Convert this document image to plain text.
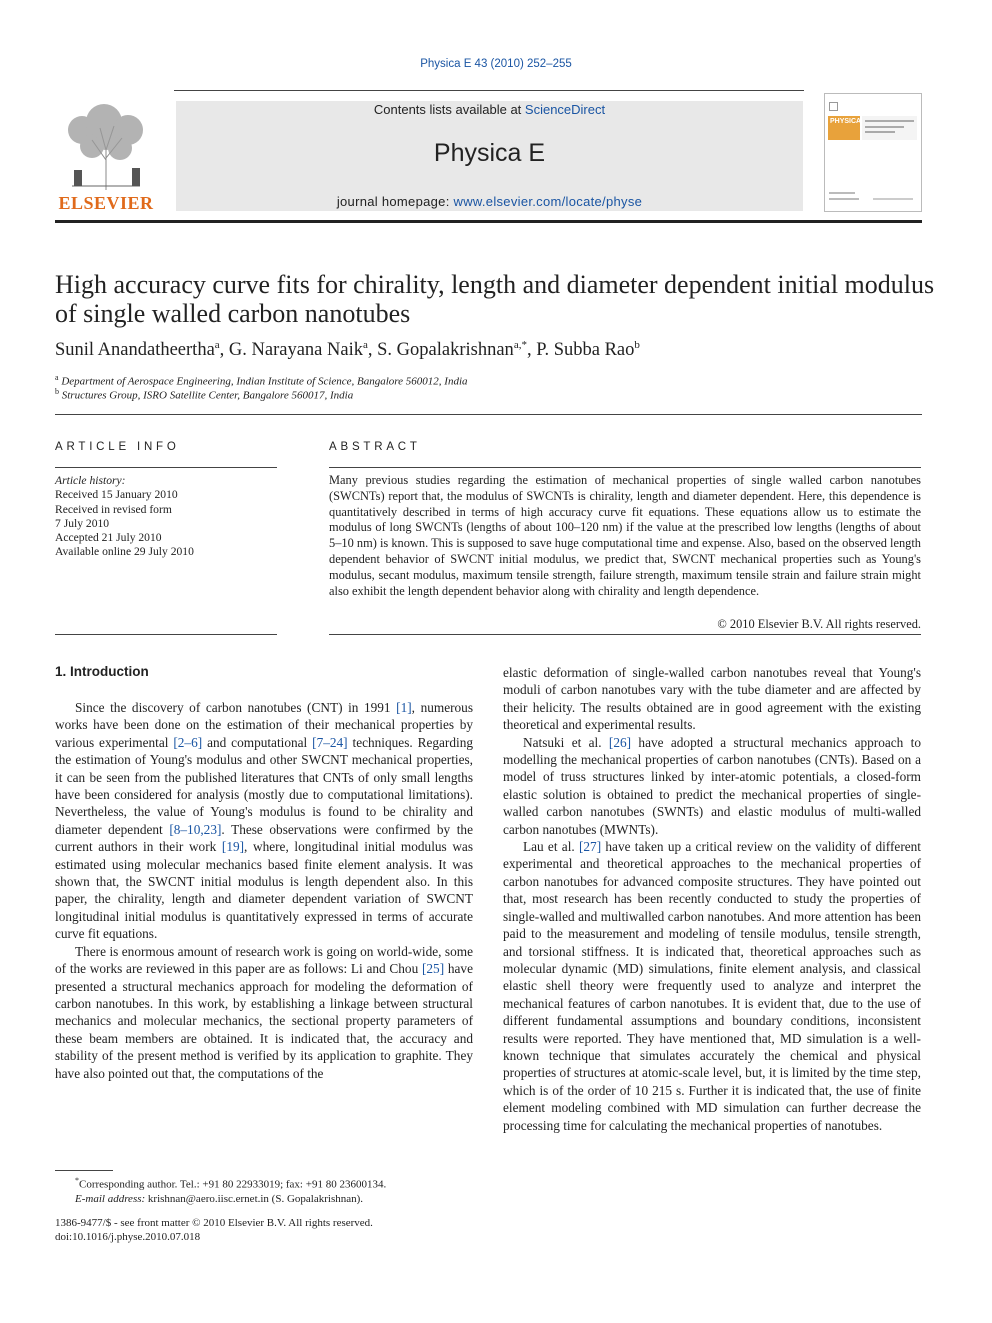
Physica E 43 (2010) 252–255
ELSEVIER
Contents lists available at ScienceDirect
Physica E
journal homepage: www.elsevier.com/locate/physe
PHYSICA
High accuracy curve fits for chirality, length and diameter dependent initial modulus of single walled carbon nanotubes
Sunil Anandatheertha$^a$, G. Narayana Naik$^a$, S. Gopalakrishnan$^{a,*}$, P. Subba Rao$^b$
$^a$ Department of Aerospace Engineering, Indian Institute of Science, Bangalore 560012, India
$^b$ Structures Group, ISRO Satellite Center, Bangalore 560017, India
ARTICLE INFO	ABSTRACT
Article history:
Received 15 January 2010
Received in revised form
7 July 2010
Accepted 21 July 2010
Available online 29 July 2010
Many previous studies regarding the estimation of mechanical properties of single walled carbon nanotubes (SWCNTs) report that, the modulus of SWCNTs is chirality, length and diameter dependent. Here, this dependence is quantitatively described in terms of high accuracy curve fit equations. These equations allow us to estimate the modulus of long SWCNTs (lengths of about 100–120 nm) if the value at the prescribed low lengths (lengths of about 5–10 nm) is known. This is supposed to save huge computational time and expense. Also, based on the observed length dependent behavior of SWCNT initial modulus, we predict that, SWCNT mechanical properties such as Young's modulus, secant modulus, maximum tensile strength, failure strength, maximum tensile strain and failure strain might also exhibit the length dependent behavior along with chirality and length dependence.
© 2010 Elsevier B.V. All rights reserved.
1. Introduction

Since the discovery of carbon nanotubes (CNT) in 1991 [1], numerous works have been done on the estimation of their mechanical properties by various experimental [2–6] and computational [7–24] techniques. Regarding the estimation of Young's modulus and other SWCNT mechanical properties, it can be seen from the published literatures that CNTs of only small lengths have been considered for analysis (mostly due to computational limitations). Nevertheless, the value of Young's modulus is found to be chirality and diameter dependent [8–10,23]. These observations were confirmed by the current authors in their work [19], where, longitudinal initial modulus was estimated using molecular mechanics based finite element analysis. It was shown that, the SWCNT initial modulus is length dependent also. In this paper, the chirality, length and diameter dependent variation of SWCNT longitudinal initial modulus is quantitatively expressed in terms of accurate curve fit equations.

There is enormous amount of research work is going on world-wide, some of the works are reviewed in this paper are as follows: Li and Chou [25] have presented a structural mechanics approach for modeling the deformation of carbon nanotubes. In this work, by establishing a linkage between structural mechanics and molecular mechanics, the sectional property parameters of these beam members are obtained. It is indicated that, the accuracy and stability of the present method is verified by its application to graphite. They have also pointed out that, the computations of the

elastic deformation of single-walled carbon nanotubes reveal that Young's moduli of carbon nanotubes vary with the tube diameter and are affected by their helicity. The results obtained are in good agreement with the existing theoretical and experimental results.

Natsuki et al. [26] have adopted a structural mechanics approach to modelling the mechanical properties of carbon nanotubes (CNTs). Based on a model of truss structures linked by inter-atomic potentials, a closed-form elastic solution is obtained to predict the mechanical properties of single-walled carbon nanotubes (SWNTs) and elastic modulus of multi-walled carbon nanotubes (MWNTs).

Lau et al. [27] have taken up a critical review on the validity of different experimental and theoretical approaches to the mechanical properties of carbon nanotubes for advanced composite structures. They have pointed out that, most research has been recently conducted to study the properties of single-walled and multiwalled carbon nanotubes. And more attention has been paid to the measurement and modeling of tensile modulus, tensile strength, and torsional stiffness. It is indicated that, theoretical approaches such as molecular dynamic (MD) simulations, finite element analysis, and classical elastic shell theory were frequently used to analyze and interpret the mechanical features of carbon nanotubes. It is evident that, due to the use of different fundamental assumptions and boundary conditions, inconsistent results were reported. They have mentioned that, MD simulation is a well-known technique that simulates accurately the chemical and physical properties of structures at atomic-scale level, but, it is limited by the time step, which is of the order of 10 215 s. Further it is indicated that, the use of finite element modeling combined with MD simulation can further decrease the processing time for calculating the mechanical properties of nanotubes.

*Corresponding author. Tel.: +91 80 22933019; fax: +91 80 23600134.
E-mail address: krishnan@aero.iisc.ernet.in (S. Gopalakrishnan).
1386-9477/$ - see front matter © 2010 Elsevier B.V. All rights reserved.
doi:10.1016/j.physe.2010.07.018
